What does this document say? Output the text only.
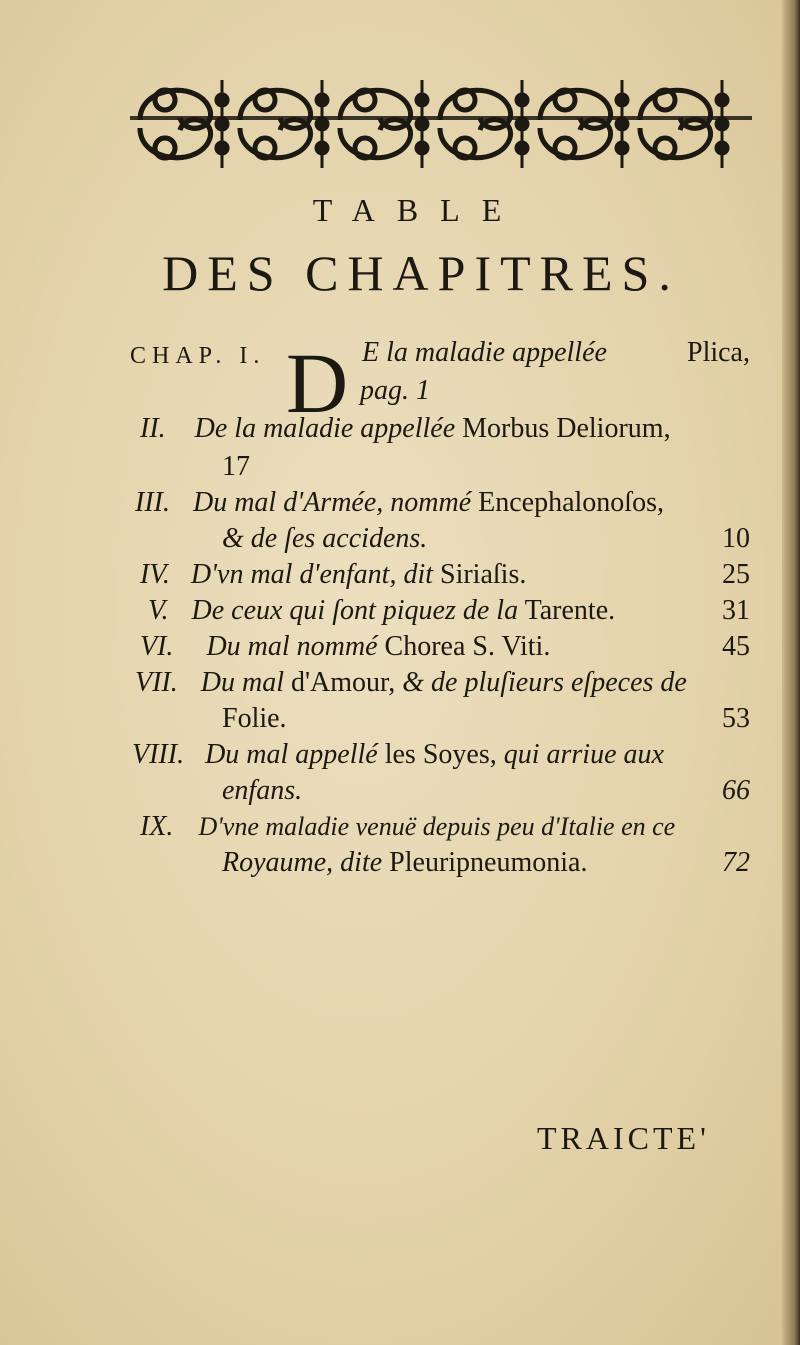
TABLE
DES CHAPITRES.
CHAP. I. D E la maladie appellée	Plica,
pag. 1
II. De la maladie appellée Morbus Deliorum,
17
III. Du mal d'Armée, nommé Encephalonoſos,
& de ſes accidens.	10
IV. D'vn mal d'enfant, dit Siriaſis.	25
V. De ceux qui ſont piquez de la Tarente.	31
VI. Du mal nommé Chorea S. Viti.	45
VII. Du mal d'Amour, & de pluſieurs eſpeces de
Folie.	53
VIII. Du mal appellé les Soyes, qui arriue aux
enfans.	66
IX. D'vne maladie venuë depuis peu d'Italie en ce
Royaume, dite Pleuripneumonia.	72
TRAICTE'
